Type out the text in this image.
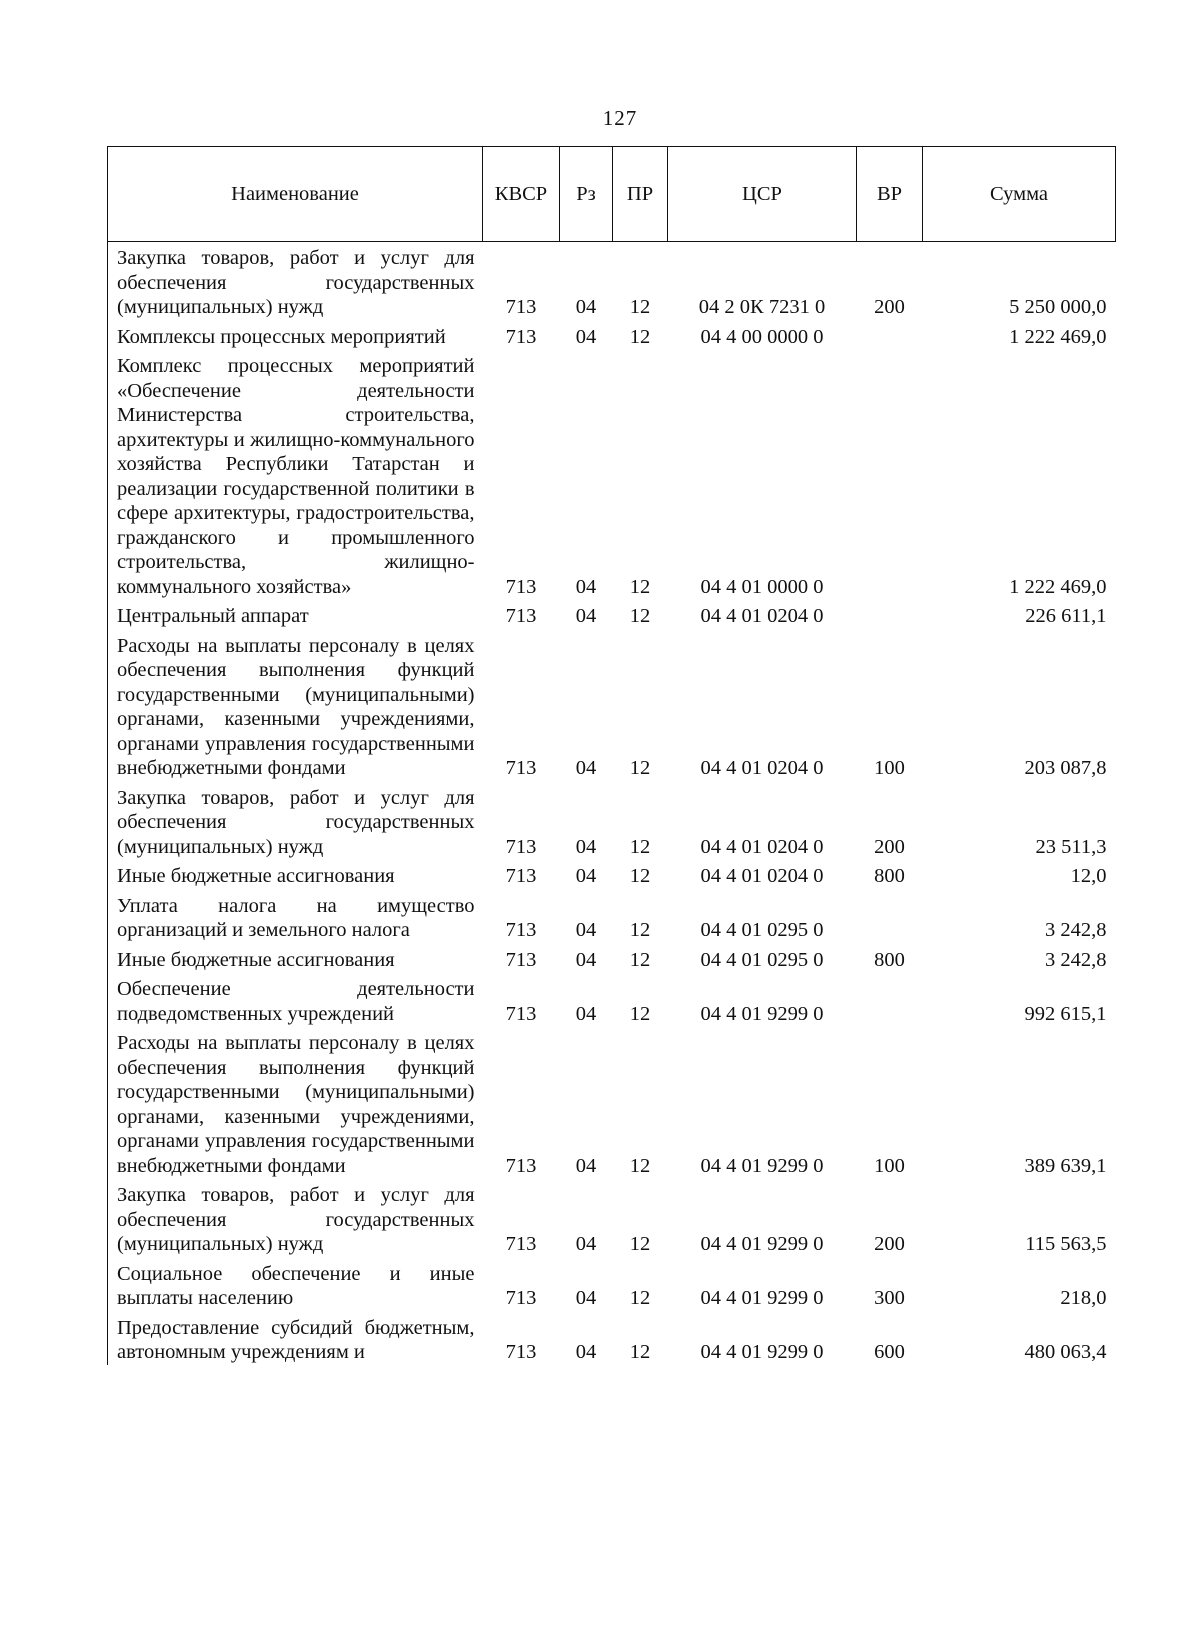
127
Наименование	КВСР	Рз	ПР	ЦСР	ВР	Сумма
Закупка товаров, работ и услуг для обеспечения государственных (муниципальных) нужд	713	04	12	04 2 0К 7231 0	200	5 250 000,0
Комплексы процессных мероприятий	713	04	12	04 4 00 0000 0		1 222 469,0
Комплекс процессных мероприятий «Обеспечение деятельности Министерства строительства, архитектуры и жилищно-коммунального хозяйства Республики Татарстан и реализации государственной политики в сфере архитектуры, градостроительства, гражданского и промышленного строительства, жилищно-коммунального хозяйства»	713	04	12	04 4 01 0000 0		1 222 469,0
Центральный аппарат	713	04	12	04 4 01 0204 0		226 611,1
Расходы на выплаты персоналу в целях обеспечения выполнения функций государственными (муниципальными) органами, казенными учреждениями, органами управления государственными внебюджетными фондами	713	04	12	04 4 01 0204 0	100	203 087,8
Закупка товаров, работ и услуг для обеспечения государственных (муниципальных) нужд	713	04	12	04 4 01 0204 0	200	23 511,3
Иные бюджетные ассигнования	713	04	12	04 4 01 0204 0	800	12,0
Уплата налога на имущество организаций и земельного налога	713	04	12	04 4 01 0295 0		3 242,8
Иные бюджетные ассигнования	713	04	12	04 4 01 0295 0	800	3 242,8
Обеспечение деятельности подведомственных учреждений	713	04	12	04 4 01 9299 0		992 615,1
Расходы на выплаты персоналу в целях обеспечения выполнения функций государственными (муниципальными) органами, казенными учреждениями, органами управления государственными внебюджетными фондами	713	04	12	04 4 01 9299 0	100	389 639,1
Закупка товаров, работ и услуг для обеспечения государственных (муниципальных) нужд	713	04	12	04 4 01 9299 0	200	115 563,5
Социальное обеспечение и иные выплаты населению	713	04	12	04 4 01 9299 0	300	218,0
Предоставление субсидий бюджетным, автономным учреждениям и	713	04	12	04 4 01 9299 0	600	480 063,4
